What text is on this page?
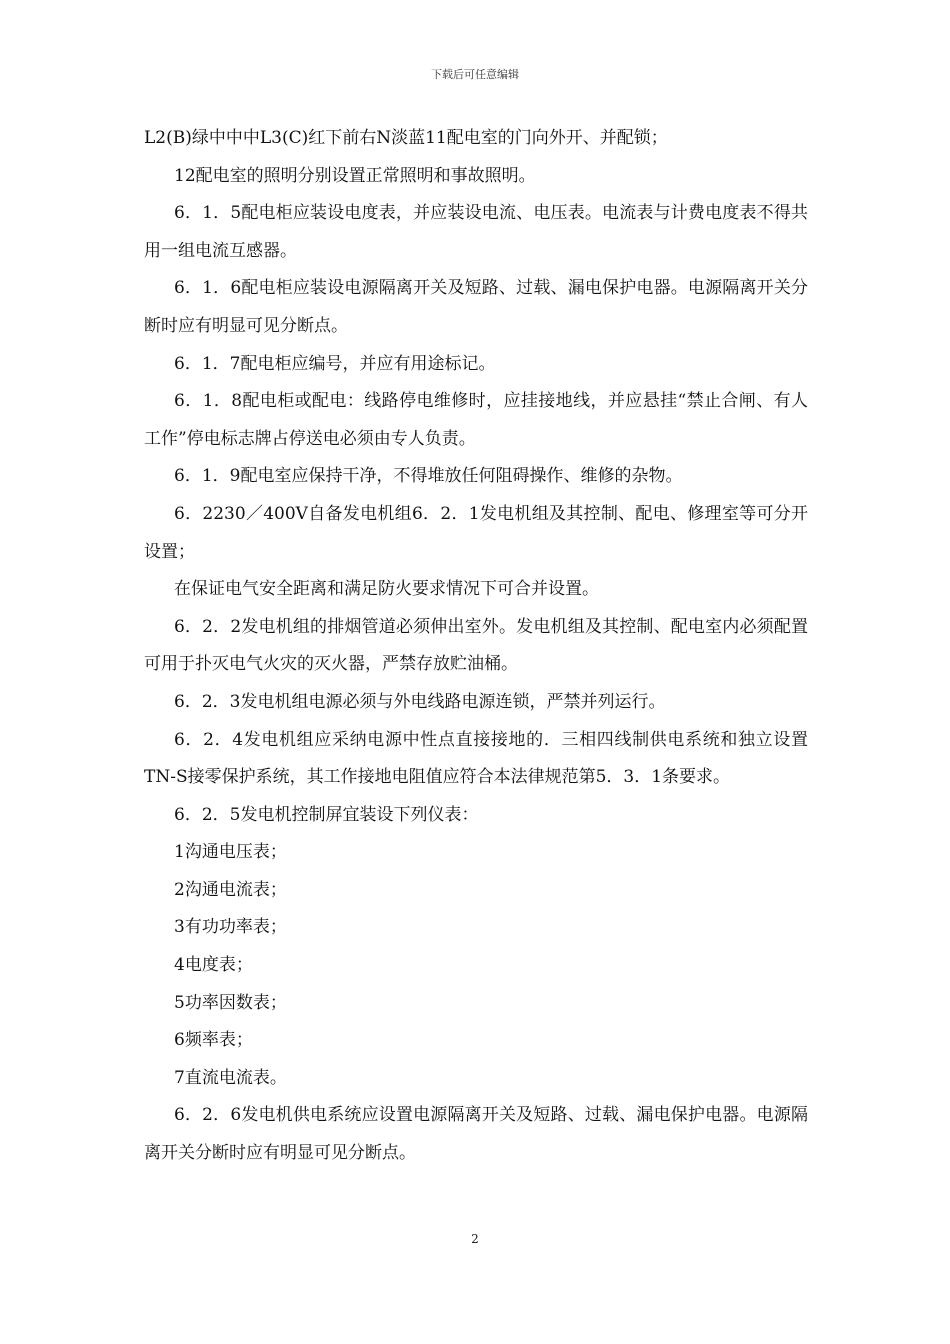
下载后可任意编辑

L2(B)绿中中中L3(C)红下前右N淡蓝11配电室的门向外开、并配锁；

12配电室的照明分别设置正常照明和事故照明。

6．1．5配电柜应装设电度表，并应装设电流、电压表。电流表与计费电度表不得共用一组电流互感器。

6．1．6配电柜应装设电源隔离开关及短路、过载、漏电保护电器。电源隔离开关分断时应有明显可见分断点。

6．1．7配电柜应编号，并应有用途标记。

6．1．8配电柜或配电：线路停电维修时，应挂接地线，并应悬挂“禁止合闸、有人工作”停电标志牌占停送电必须由专人负责。

6．1．9配电室应保持干净，不得堆放任何阻碍操作、维修的杂物。

6．2230／400V自备发电机组6．2．1发电机组及其控制、配电、修理室等可分开设置；

在保证电气安全距离和满足防火要求情况下可合并设置。

6．2．2发电机组的排烟管道必须伸出室外。发电机组及其控制、配电室内必须配置可用于扑灭电气火灾的灭火器，严禁存放贮油桶。

6．2．3发电机组电源必须与外电线路电源连锁，严禁并列运行。

6．2．4发电机组应采纳电源中性点直接接地的．三相四线制供电系统和独立设置TN-S接零保护系统，其工作接地电阻值应符合本法律规范第5．3．1条要求。

6．2．5发电机控制屏宜装设下列仪表：

1沟通电压表；

2沟通电流表；

3有功功率表；

4电度表；

5功率因数表；

6频率表；

7直流电流表。

6．2．6发电机供电系统应设置电源隔离开关及短路、过载、漏电保护电器。电源隔离开关分断时应有明显可见分断点。

2
